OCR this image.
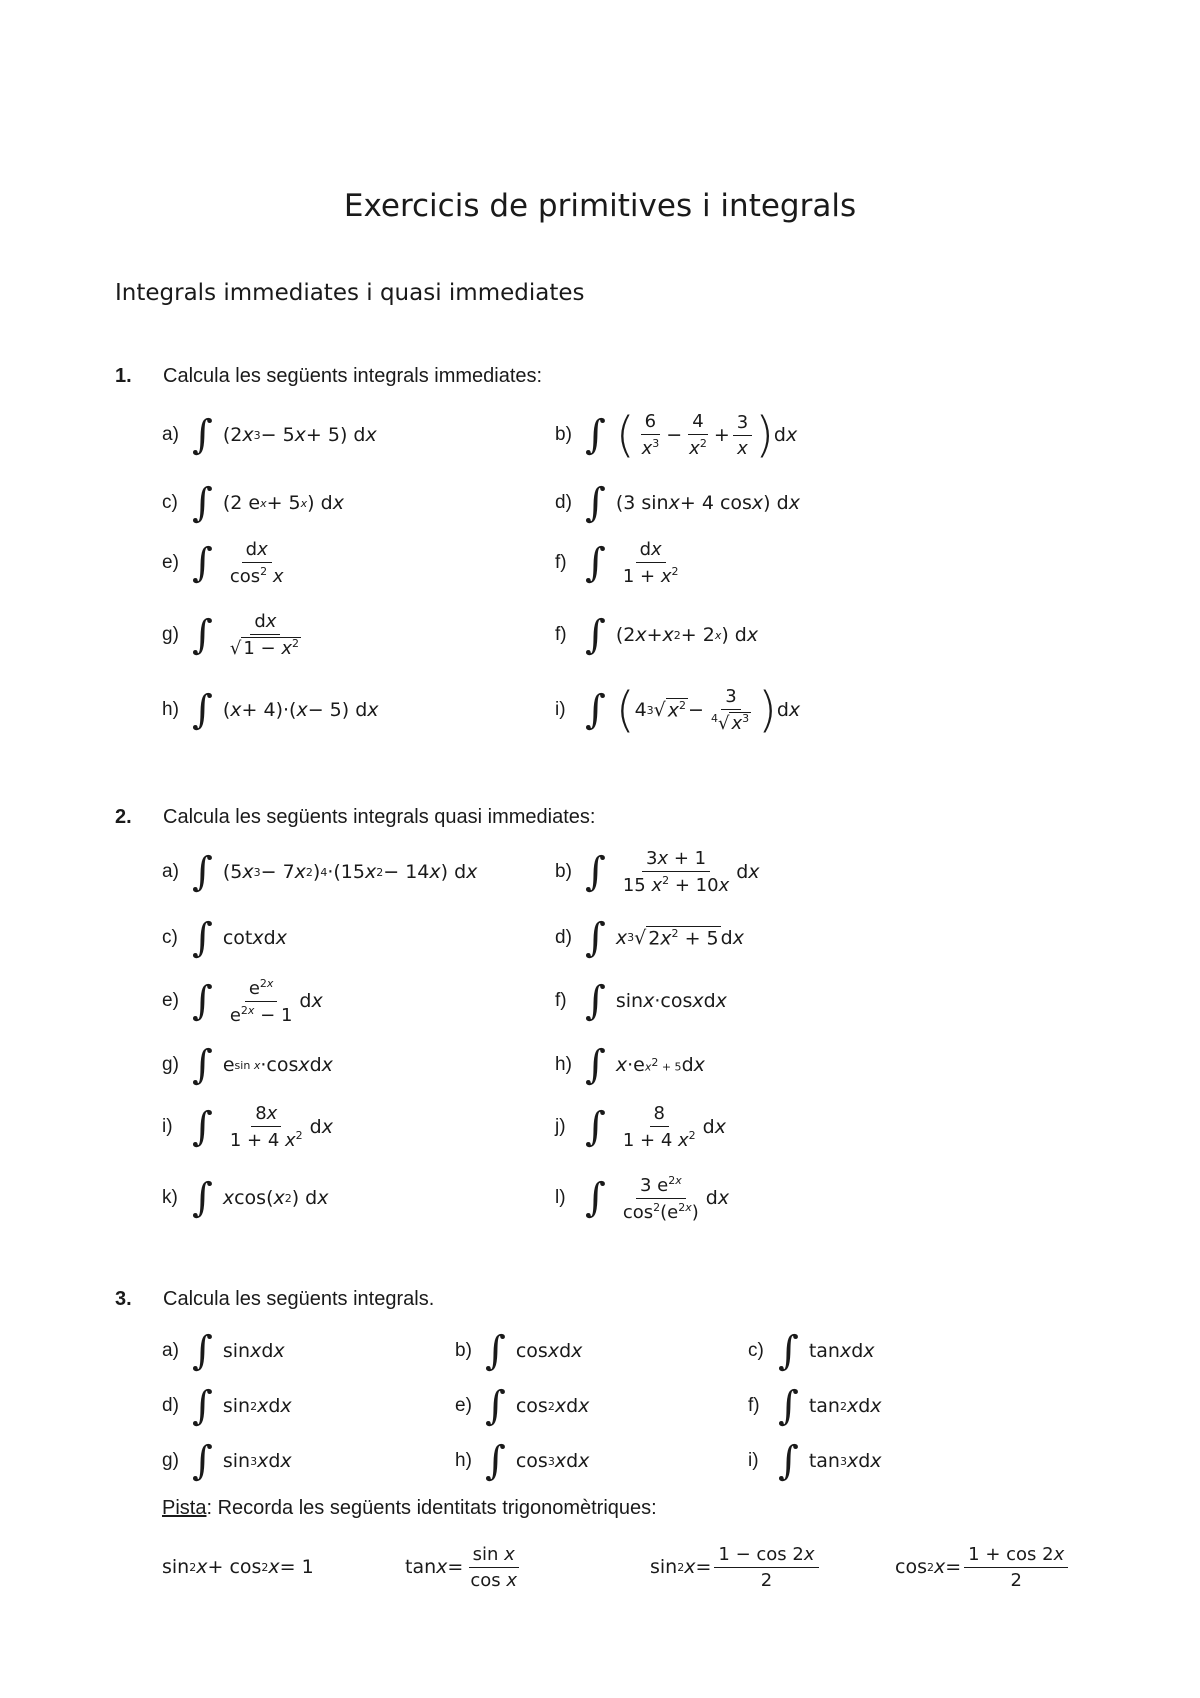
Exercicis de primitives i integrals
Integrals immediates i quasi immediates
1. Calcula les següents integrals immediates:
a) ∫ (2 x 3 − 5 x + 5) d x	b) ∫ ( $\frac{6}{x^3} - \frac{4}{x^2} + \frac{3}{x}$ ) d x
c) ∫ (2 e x + 5 x ) d x	d) ∫ (3 sin x + 4 cos x ) d x
e) ∫ $\frac{dx}{\cos^2 x}$	f) ∫ $\frac{dx}{1 + x^2}$
g) ∫ $\frac{dx}{√ 1 - x^2}$	f) ∫ (2 x + x 2 + 2 x ) d x
h) ∫ ( x + 4)·( x − 5) d x	i) ∫ ( 4 3 √ $x^2 - \frac{3}{^4√ x^3}$ ) d x
2. Calcula les següents integrals quasi immediates:
a) ∫ (5 x 3 − 7 x 2 ) 4 ·(15 x 2 − 14 x ) d x	b) ∫ $\frac{3x + 1}{15 x^2 + 10x}$ d x
c) ∫ cot x d x	d) ∫ x 3 √ $2x^2 + 5$ d x
e) ∫ $\frac{e^{2x}}{e^{2x} - 1}$ d x	f) ∫ sin x ·cos x d x
g) ∫ e sin x ·cos x d x	h) ∫ x ·e $x^2 + 5$ d x
i) ∫ $\frac{8x}{1 + 4 x^2}$ d x	j) ∫ $\frac{8}{1 + 4 x^2}$ d x
k) ∫ x cos( x 2 ) d x	l) ∫ $\frac{3 e^{2x}}{\cos^2(e^{2x})}$ d x
3. Calcula les següents integrals.
a) ∫ sin x d x	b) ∫ cos x d x	c) ∫ tan x d x
d) ∫ sin 2 x d x	e) ∫ cos 2 x d x	f) ∫ tan 2 x d x
g) ∫ sin 3 x d x	h) ∫ cos 3 x d x	i) ∫ tan 3 x d x
Pista: Recorda les següents identitats trigonomètriques:
sin 2 x + cos 2 x = 1	$\tan x = \frac{\text{sin x}}{\text{cos x}}$	sin 2 $x = \frac{1 - \cos 2x}{2}$	cos 2 $x = \frac{1 + \cos 2x}{2}$
